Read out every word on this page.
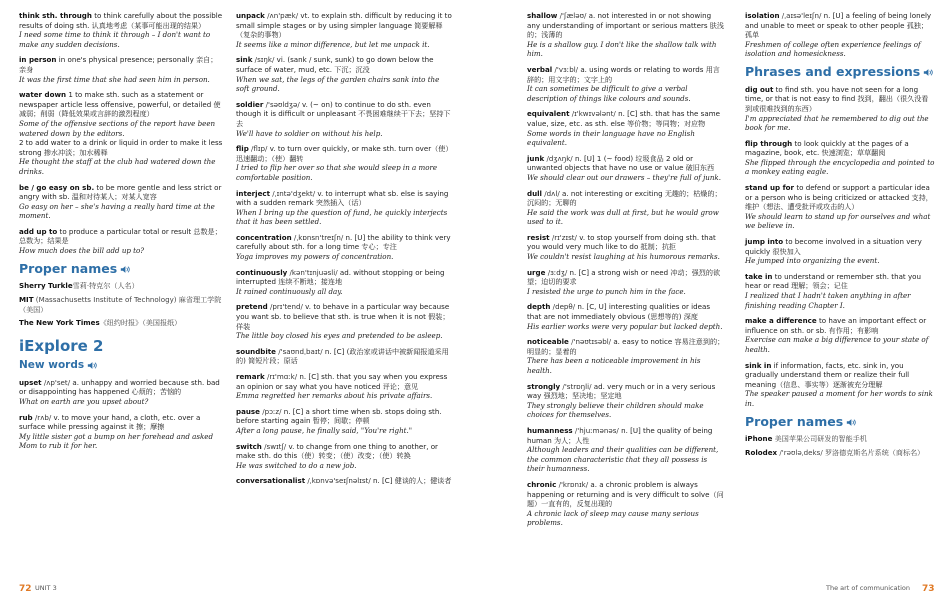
think sth. through to think carefully about the possible results of doing sth. 认真地考虑（某事可能出现的结果）
I need some time to think it through – I don't want to make any sudden decisions.
in person in one's physical presence; personally 亲自；亲身
It was the first time that she had seen him in person.
water down 1 to make sth. such as a statement or newspaper article less offensive, powerful, or detailed 使减弱；削弱（降低效果或言辞的激烈程度）
Some of the offensive sections of the report have been watered down by the editors.
2 to add water to a drink or liquid in order to make it less strong 掺水冲淡；加水稀释
He thought the staff at the club had watered down the drinks.
be / go easy on sb. to be more gentle and less strict or angry with sb. 温和对待某人；对某人宽容
Go easy on her – she's having a really hard time at the moment.
add up to to produce a particular total or result 总数是；总数为；结果是
How much does the bill add up to?
Proper names
Sherry Turkle雪莉·特克尔（人名）
MIT (Massachusetts Institute of Technology) 麻省理工学院（美国）
The New York Times《纽约时报》（美国报纸）
iExplore 2
New words
upset /ʌp'set/ a. unhappy and worried because sth. bad or disappointing has happened 心烦的；苦恼的
What on earth are you upset about?
rub /rʌb/ v. to move your hand, a cloth, etc. over a surface while pressing against it 擦；摩擦
My little sister got a bump on her forehead and asked Mom to rub it for her.
unpack /ʌn'pæk/ vt. to explain sth. difficult by reducing it to small simple stages or by using simpler language 简要解释（复杂的事物）
It seems like a minor difference, but let me unpack it.
sink /sɪŋk/ vi. (sank / sunk, sunk) to go down below the surface of water, mud, etc. 下沉；沉没
When we sat, the legs of the garden chairs sank into the soft ground.
soldier /'səʊldʒə/ v. (~ on) to continue to do sth. even though it is difficult or unpleasant 不畏困难继续干下去；坚持下去
We'll have to soldier on without his help.
flip /flɪp/ v. to turn over quickly, or make sth. turn over（使）迅速翻动；（使）翻转
I tried to flip her over so that she would sleep in a more comfortable position.
interject /ˌɪntə'dʒekt/ v. to interrupt what sb. else is saying with a sudden remark 突然插入（话）
When I bring up the question of fund, he quickly interjects that it has been settled.
concentration /ˌkɒnsn'treɪʃn/ n. [U] the ability to think very carefully about sth. for a long time 专心；专注
Yoga improves my powers of concentration.
continuously /kən'tɪnjuəsli/ ad. without stopping or being interrupted 连续不断地；接连地
It rained continuously all day.
pretend /prɪ'tend/ v. to behave in a particular way because you want sb. to believe that sth. is true when it is not 假装；佯装
The little boy closed his eyes and pretended to be asleep.
soundbite /'saʊndˌbaɪt/ n. [C] (政治家或讲话中被新闻报道采用的) 简短片段；原话
remark /rɪ'mɑːk/ n. [C] sth. that you say when you express an opinion or say what you have noticed 评论；意见
Emma regretted her remarks about his private affairs.
pause /pɔːz/ n. [C] a short time when sb. stops doing sth. before starting again 暂停；间歇；停顿
After a long pause, he finally said, "You're right."
switch /swɪtʃ/ v. to change from one thing to another, or make sth. do this（使）转变；（使）改变；（使）转换
He was switched to do a new job.
conversationalist /ˌkɒnvə'seɪʃnəlɪst/ n. [C] 健谈的人；健谈者
shallow /'ʃæləʊ/ a. not interested in or not showing any understanding of important or serious matters 肤浅的；浅薄的
He is a shallow guy. I don't like the shallow talk with him.
verbal /'vɜːbl/ a. using words or relating to words 用言辞的；用文字的；文字上的
It can sometimes be difficult to give a verbal description of things like colours and sounds.
equivalent /ɪ'kwɪvələnt/ n. [C] sth. that has the same value, size, etc. as sth. else 等价物；等同物；对应物
Some words in their language have no English equivalent.
junk /dʒʌŋk/ n. [U] 1 (~ food) 垃圾食品 2 old or unwanted objects that have no use or value 破旧东西
We should clear out our drawers – they're full of junk.
dull /dʌl/ a. not interesting or exciting 无趣的；枯燥的；沉闷的；无聊的
He said the work was dull at first, but he would grow used to it.
resist /rɪ'zɪst/ v. to stop yourself from doing sth. that you would very much like to do 抵制；抗拒
We couldn't resist laughing at his humorous remarks.
urge /ɜːdʒ/ n. [C] a strong wish or need 冲动；强烈的欲望；迫切的要求
I resisted the urge to punch him in the face.
depth /depθ/ n. [C, U] interesting qualities or ideas that are not immediately obvious (思想等的) 深度
His earlier works were very popular but lacked depth.
noticeable /'nəʊtɪsəbl/ a. easy to notice 容易注意到的；明显的；显着的
There has been a noticeable improvement in his health.
strongly /'strɒŋli/ ad. very much or in a very serious way 强烈地；坚决地；坚定地
They strongly believe their children should make choices for themselves.
humanness /'hjuːmənəs/ n. [U] the quality of being human 为人；人性
Although leaders and their qualities can be different, the common characteristic that they all possess is their humanness.
chronic /'krɒnɪk/ a. a chronic problem is always happening or returning and is very difficult to solve（问题）一直有的，反复出现的
A chronic lack of sleep may cause many serious problems.
isolation /ˌaɪsə'leɪʃn/ n. [U] a feeling of being lonely and unable to meet or speak to other people 孤独；孤单
Freshmen of college often experience feelings of isolation and homesickness.
Phrases and expressions
dig out to find sth. you have not seen for a long time, or that is not easy to find 找到，翻出（很久没看到或很难找到的东西）
I'm appreciated that he remembered to dig out the book for me.
flip through to look quickly at the pages of a magazine, book, etc. 快速浏览；草草翻阅
She flipped through the encyclopedia and pointed to a monkey eating eagle.
stand up for to defend or support a particular idea or a person who is being criticized or attacked 支持，维护（想法、遭受批评或攻击的人）
We should learn to stand up for ourselves and what we believe in.
jump into to become involved in a situation very quickly 很快加入
He jumped into organizing the event.
take in to understand or remember sth. that you hear or read 理解；领会；记住
I realized that I hadn't taken anything in after finishing reading Chapter I.
make a difference to have an important effect or influence on sth. or sb. 有作用；有影响
Exercise can make a big difference to your state of health.
sink in if information, facts, etc. sink in, you gradually understand them or realize their full meaning（信息、事实等）逐渐被充分理解
The speaker paused a moment for her words to sink in.
Proper names
iPhone 美国苹果公司研发的智能手机
Rolodex /'rəʊləˌdeks/ 罗洛德克斯名片系统（商标名）
72 UNIT 3	The art of communication 73
